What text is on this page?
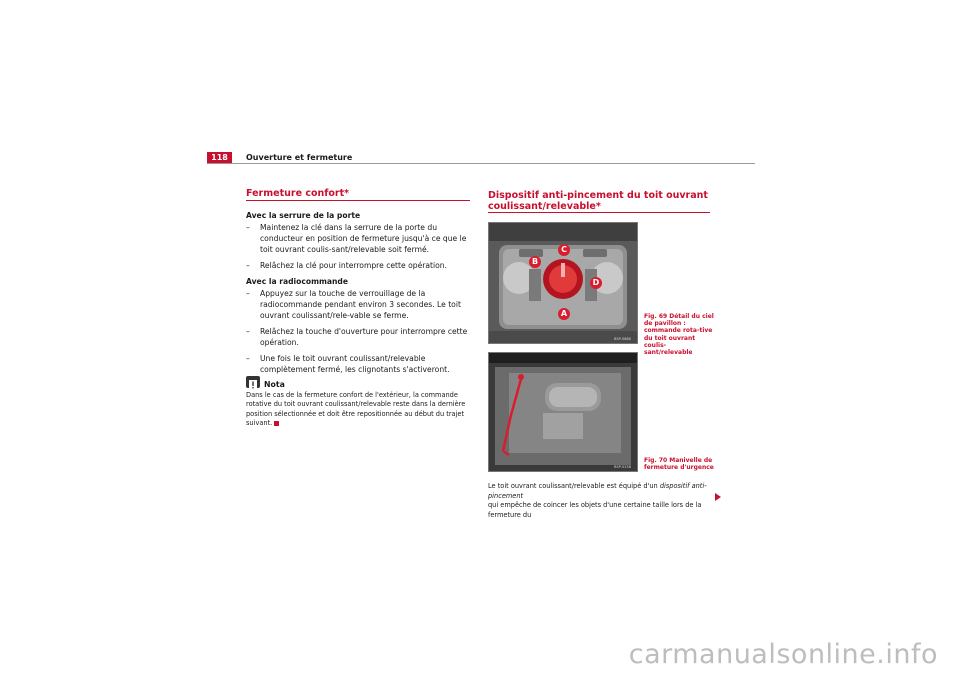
118	Ouverture et fermeture
Fermeture confort*
Avec la serrure de la porte
–	Maintenez la clé dans la serrure de la porte du conducteur en position de fermeture jusqu'à ce que le toit ouvrant coulis-sant/relevable soit fermé.
–	Relâchez la clé pour interrompre cette opération.
Avec la radiocommande
–	Appuyez sur la touche de verrouillage de la radiocommande pendant environ 3 secondes. Le toit ouvrant coulissant/rele-vable se ferme.
–	Relâchez la touche d'ouverture pour interrompre cette opération.
–	Une fois le toit ouvrant coulissant/relevable complètement fermé, les clignotants s'activeront.
Nota
Dans le cas de la fermeture confort de l'extérieur, la commande rotative du toit ouvrant coulissant/relevable reste dans la dernière position sélectionnée et doit être repositionnée au début du trajet suivant.
Dispositif anti-pincement du toit ouvrant
coulissant/relevable*
B
C
D
A
B5P-0680
Fig. 69 Détail du ciel de pavillon : commande rota-tive du toit ouvrant coulis-sant/relevable
B5P-0156
Fig. 70 Manivelle de fermeture d'urgence
Le toit ouvrant coulissant/relevable est équipé d'un dispositif anti-pincement
qui empêche de coincer les objets d'une certaine taille lors de la fermeture du
carmanualsonline.info
